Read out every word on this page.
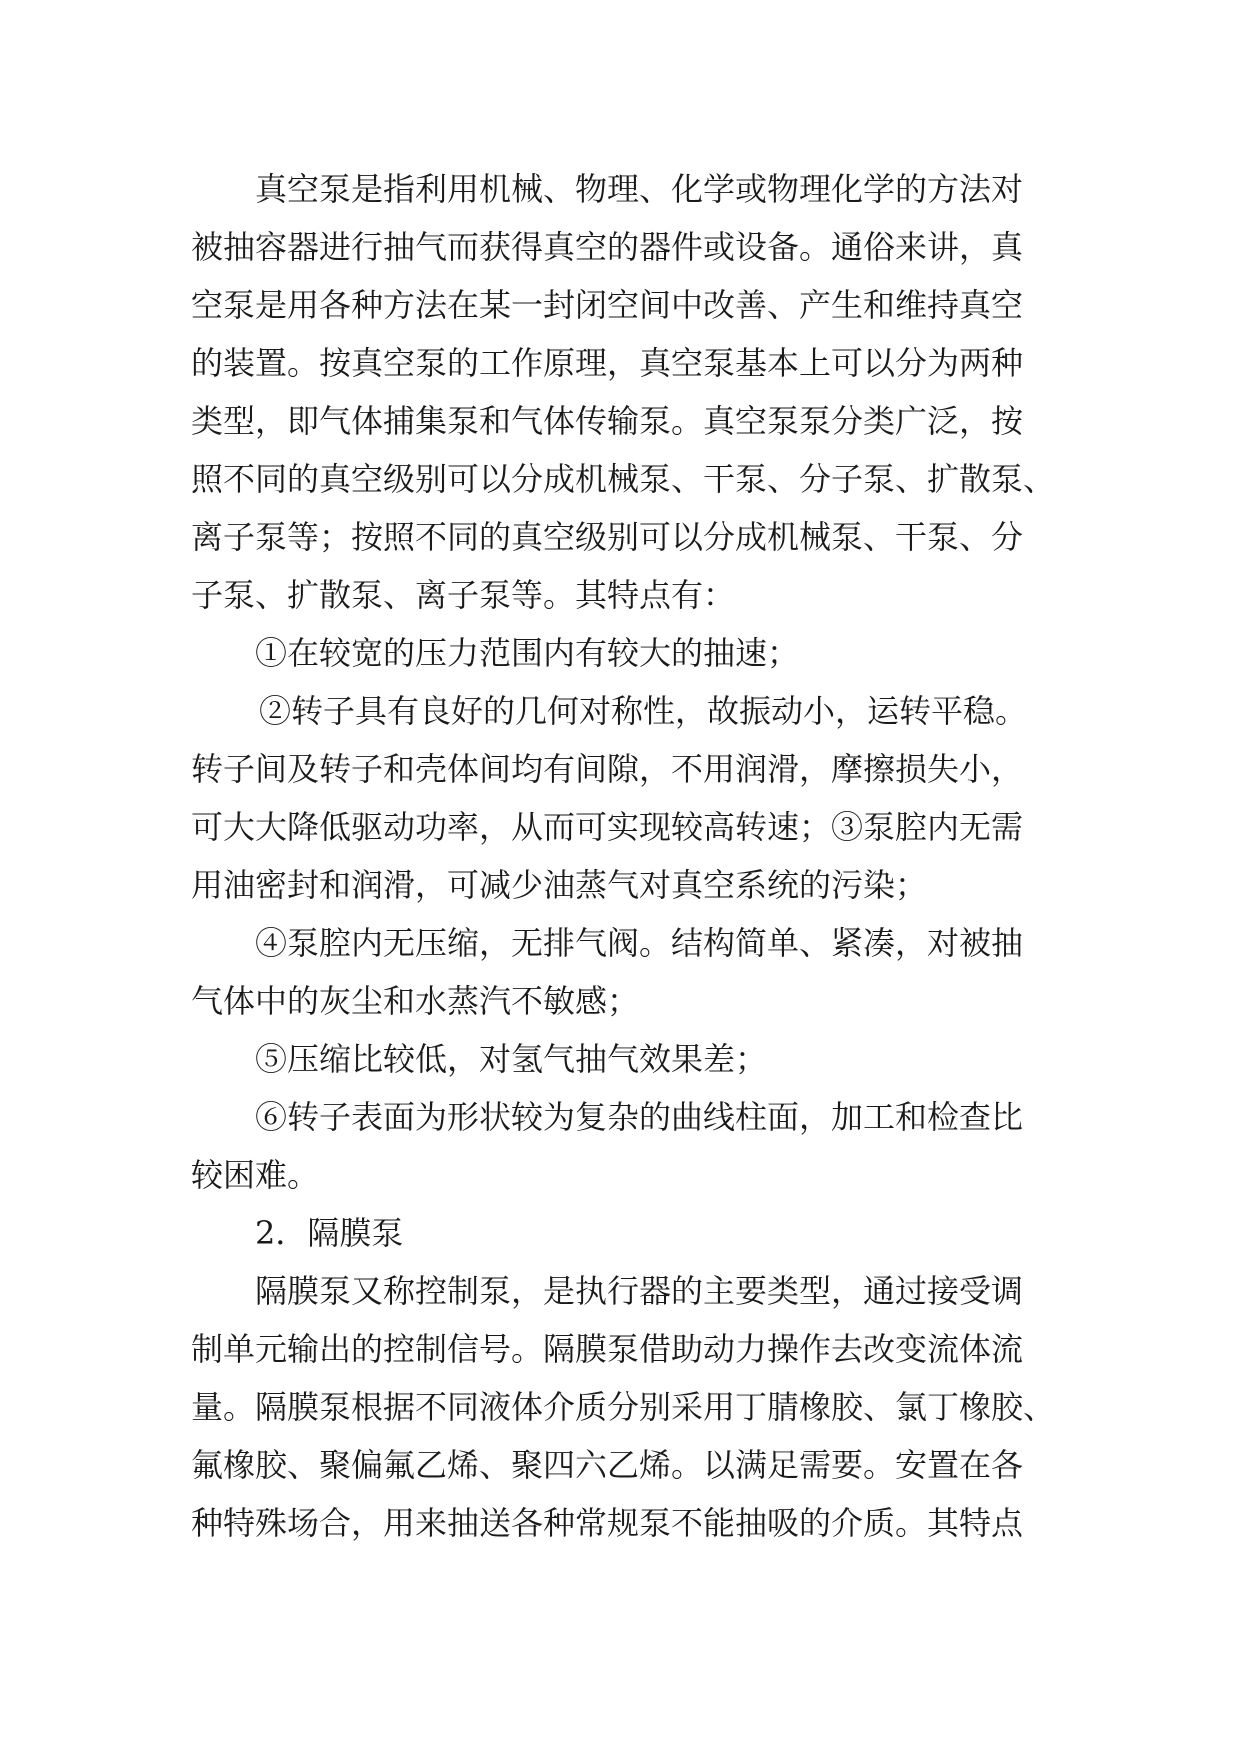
真空泵是指利用机械、物理、化学或物理化学的方法对
被抽容器进行抽气而获得真空的器件或设备。通俗来讲，真
空泵是用各种方法在某一封闭空间中改善、产生和维持真空
的装置。按真空泵的工作原理，真空泵基本上可以分为两种
类型，即气体捕集泵和气体传输泵。真空泵泵分类广泛，按
照不同的真空级别可以分成机械泵、干泵、分子泵、扩散泵、
离子泵等；按照不同的真空级别可以分成机械泵、干泵、分
子泵、扩散泵、离子泵等。其特点有：
①在较宽的压力范围内有较大的抽速；
②转子具有良好的几何对称性，故振动小，运转平稳。
转子间及转子和壳体间均有间隙，不用润滑，摩擦损失小，
可大大降低驱动功率，从而可实现较高转速；③泵腔内无需
用油密封和润滑，可减少油蒸气对真空系统的污染；
④泵腔内无压缩，无排气阀。结构简单、紧凑，对被抽
气体中的灰尘和水蒸汽不敏感；
⑤压缩比较低，对氢气抽气效果差；
⑥转子表面为形状较为复杂的曲线柱面，加工和检查比
较困难。
2．隔膜泵
隔膜泵又称控制泵，是执行器的主要类型，通过接受调
制单元输出的控制信号。隔膜泵借助动力操作去改变流体流
量。隔膜泵根据不同液体介质分别采用丁腈橡胶、氯丁橡胶、
氟橡胶、聚偏氟乙烯、聚四六乙烯。以满足需要。安置在各
种特殊场合，用来抽送各种常规泵不能抽吸的介质。其特点
